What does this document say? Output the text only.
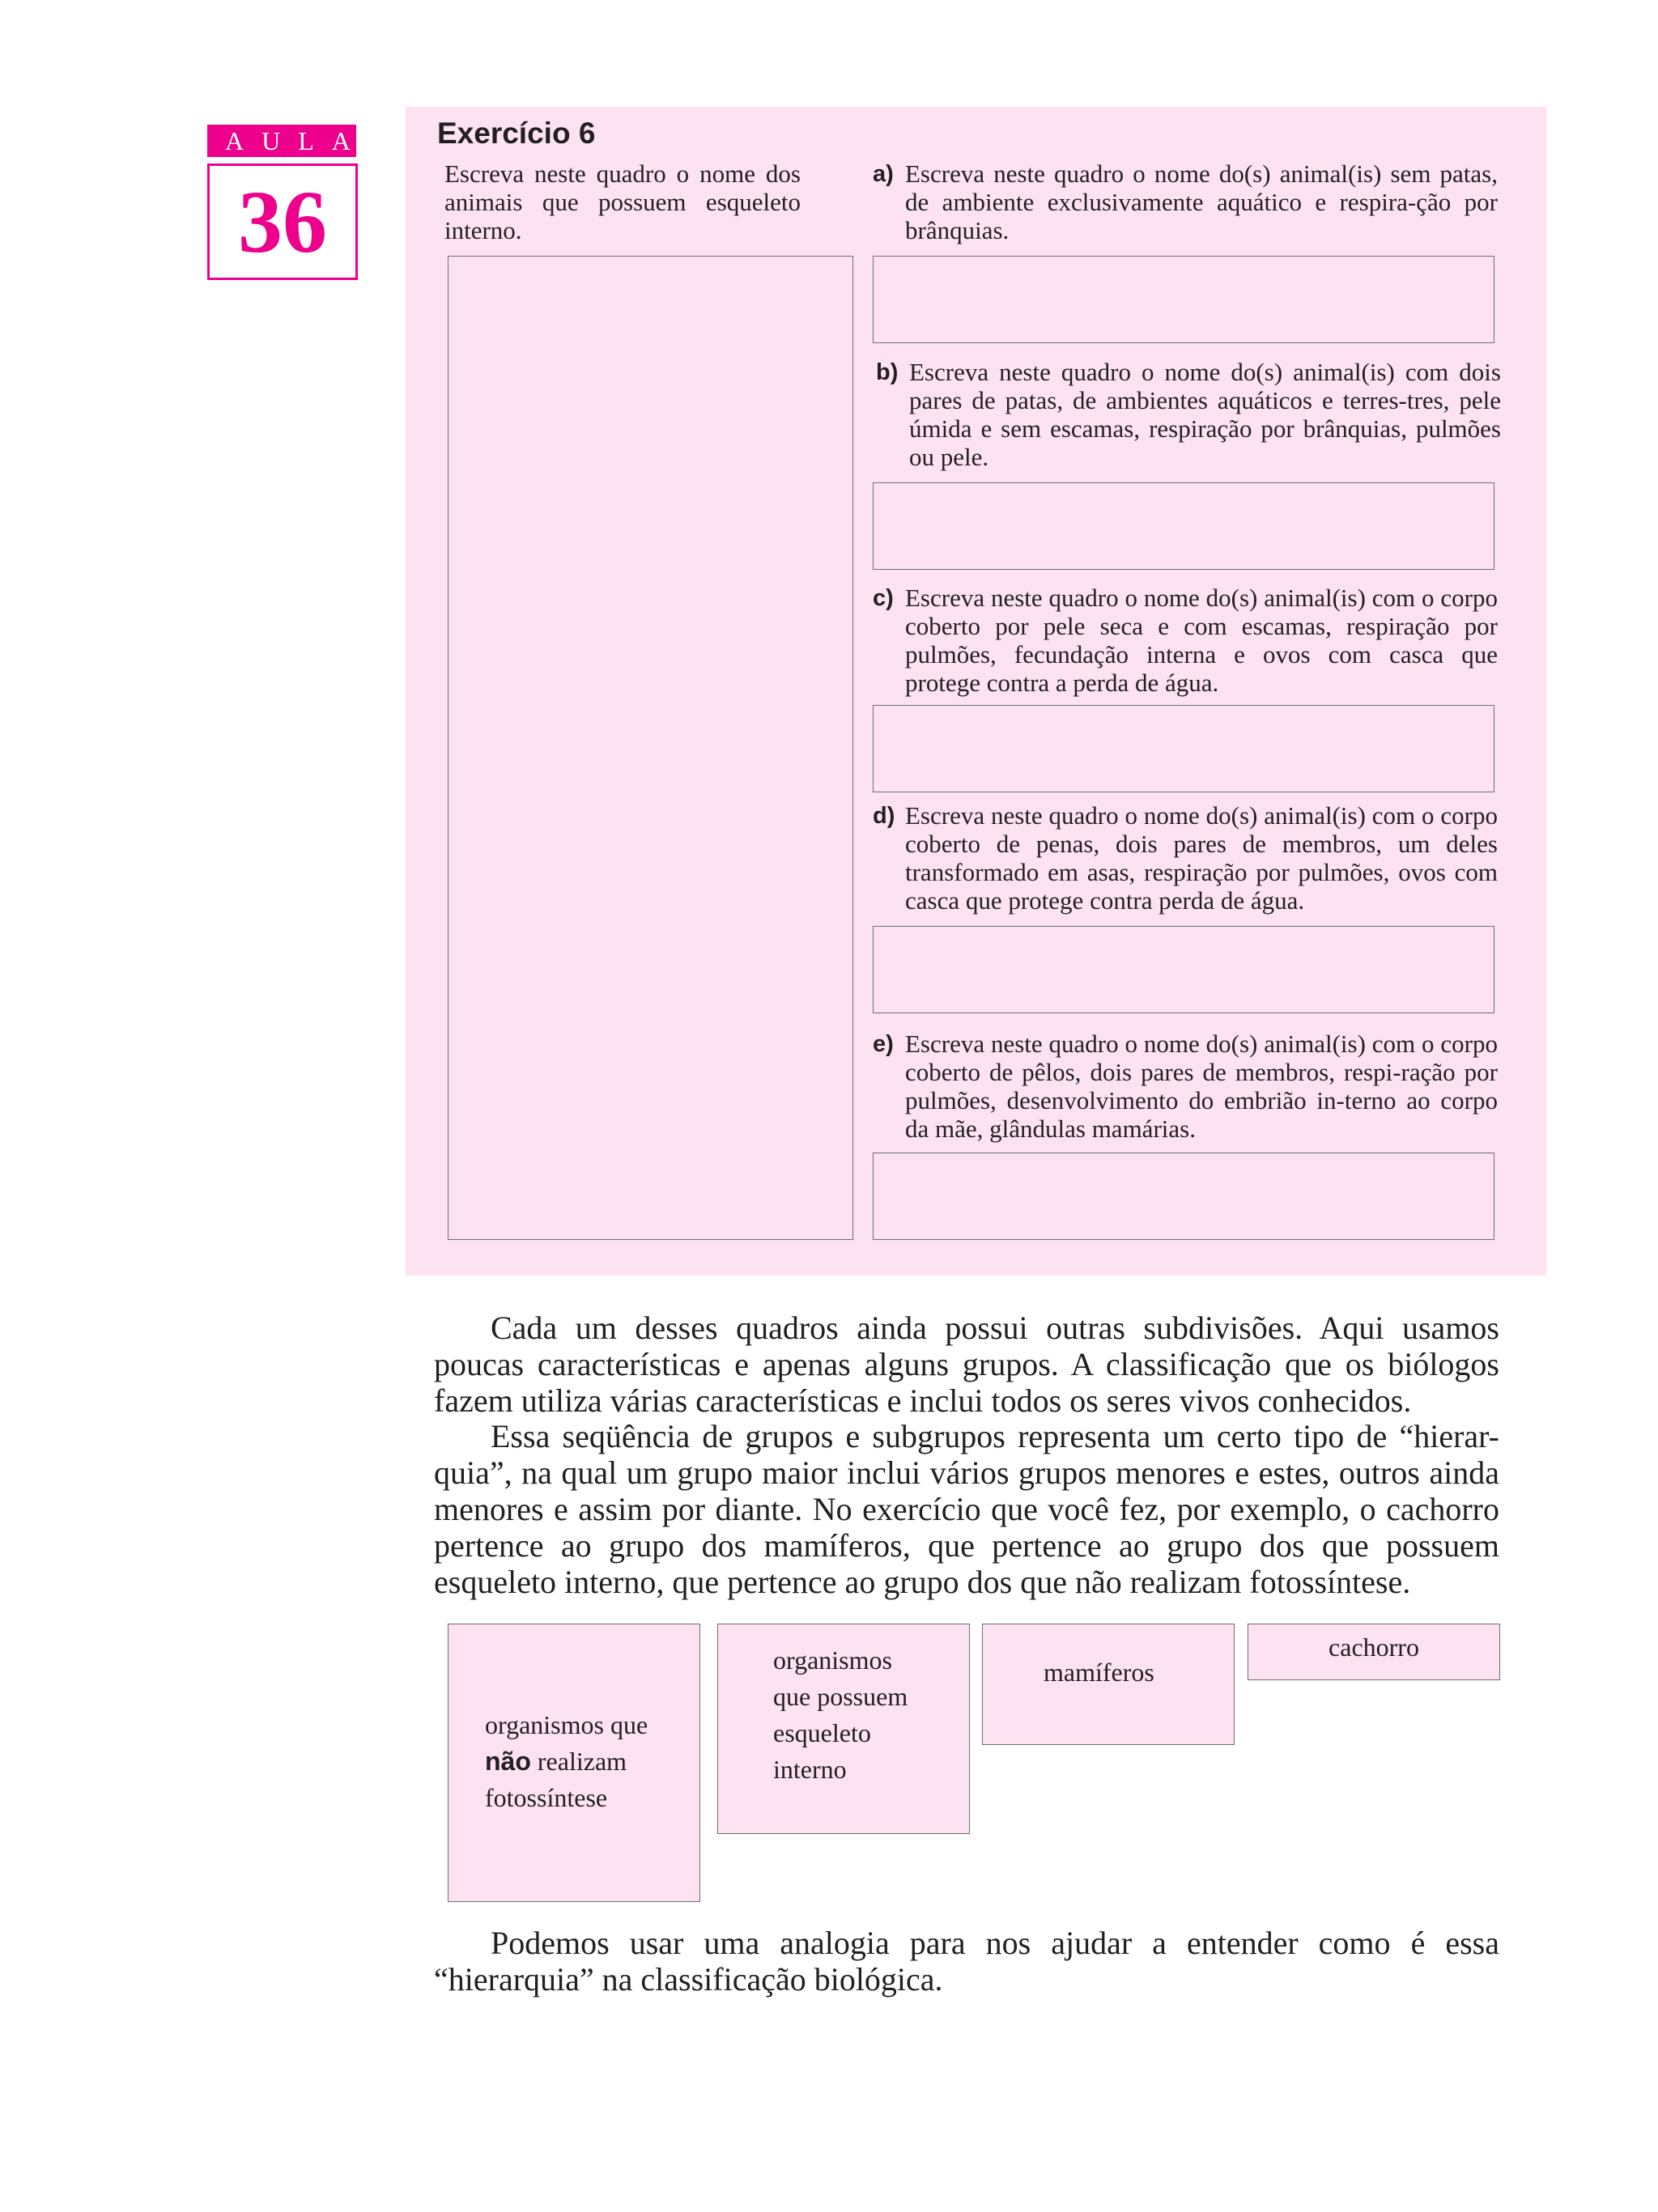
AULA
36
Exercício 6
Escreva neste quadro o nome dos animais que possuem esqueleto interno.
a) Escreva neste quadro o nome do(s) animal(is) sem patas, de ambiente exclusivamente aquático e respira-ção por brânquias.
b) Escreva neste quadro o nome do(s) animal(is) com dois pares de patas, de ambientes aquáticos e terres-tres, pele úmida e sem escamas, respiração por brânquias, pulmões ou pele.
c) Escreva neste quadro o nome do(s) animal(is) com o corpo coberto por pele seca e com escamas, respiração por pulmões, fecundação interna e ovos com casca que protege contra a perda de água.
d) Escreva neste quadro o nome do(s) animal(is) com o corpo coberto de penas, dois pares de membros, um deles transformado em asas, respiração por pulmões, ovos com casca que protege contra perda de água.
e) Escreva neste quadro o nome do(s) animal(is) com o corpo coberto de pêlos, dois pares de membros, respi-ração por pulmões, desenvolvimento do embrião in-terno ao corpo da mãe, glândulas mamárias.
Cada um desses quadros ainda possui outras subdivisões. Aqui usamos poucas características e apenas alguns grupos. A classificação que os biólogos fazem utiliza várias características e inclui todos os seres vivos conhecidos.
Essa seqüência de grupos e subgrupos representa um certo tipo de “hierar-quia”, na qual um grupo maior inclui vários grupos menores e estes, outros ainda menores e assim por diante. No exercício que você fez, por exemplo, o cachorro pertence ao grupo dos mamíferos, que pertence ao grupo dos que possuem esqueleto interno, que pertence ao grupo dos que não realizam fotossíntese.
organismos que
não realizam
fotossíntese
organismos
que possuem
esqueleto
interno
mamíferos
cachorro
Podemos usar uma analogia para nos ajudar a entender como é essa “hierarquia” na classificação biológica.
